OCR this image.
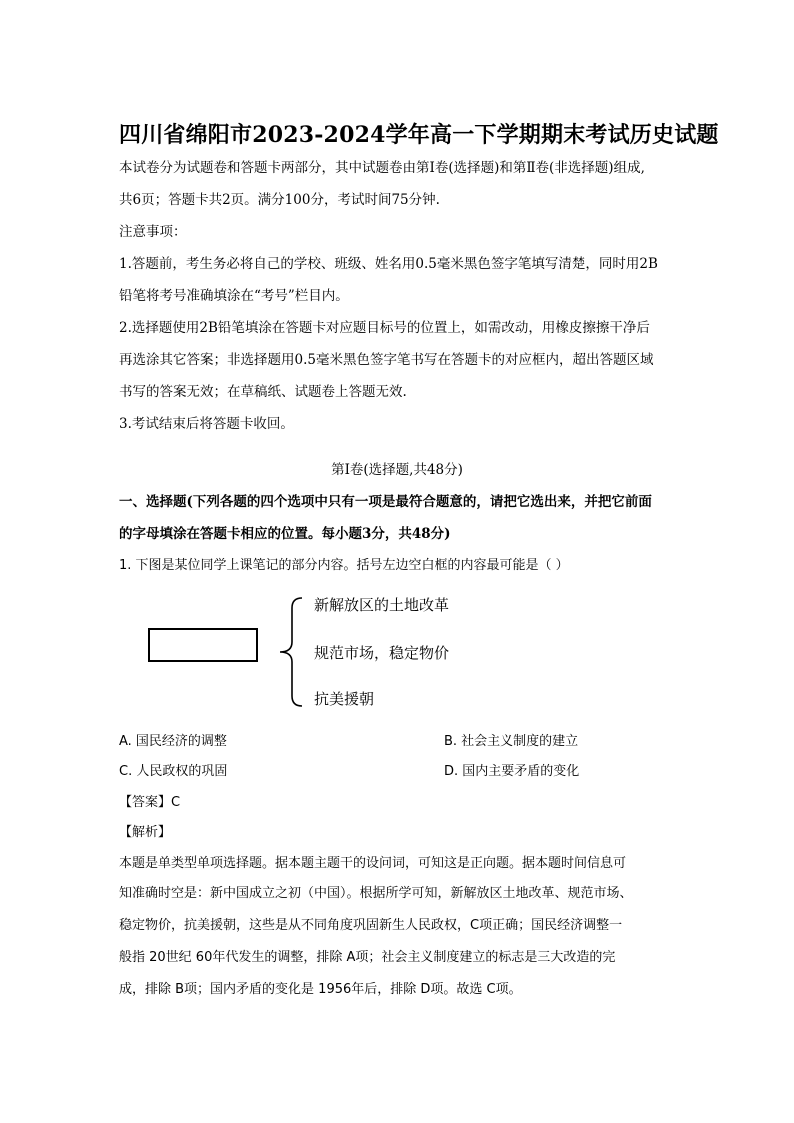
四川省绵阳市2023-2024学年高一下学期期末考试历史试题
本试卷分为试题卷和答题卡两部分，其中试题卷由第Ⅰ卷(选择题)和第Ⅱ卷(非选择题)组成,
共6页；答题卡共2页。满分100分，考试时间75分钟.
注意事项：
1.答题前，考生务必将自己的学校、班级、姓名用0.5毫米黑色签字笔填写清楚，同时用2B
铅笔将考号准确填涂在“考号”栏目内。
2.选择题使用2B铅笔填涂在答题卡对应题目标号的位置上，如需改动，用橡皮擦擦干净后
再选涂其它答案；非选择题用0.5毫米黑色签字笔书写在答题卡的对应框内，超出答题区域
书写的答案无效；在草稿纸、试题卷上答题无效.
3.考试结束后将答题卡收回。
第Ⅰ卷(选择题,共48分)
一、选择题(下列各题的四个选项中只有一项是最符合题意的，请把它选出来，并把它前面
的字母填涂在答题卡相应的位置。每小题3分，共48分)
1. 下图是某位同学上课笔记的部分内容。括号左边空白框的内容最可能是（ ）
新解放区的土地改革
规范市场，稳定物价
抗美援朝
A. 国民经济的调整	B. 社会主义制度的建立
C. 人民政权的巩固	D. 国内主要矛盾的变化
【答案】C
【解析】
本题是单类型单项选择题。据本题主题干的设问词，可知这是正向题。据本题时间信息可
知准确时空是：新中国成立之初（中国）。根据所学可知，新解放区土地改革、规范市场、
稳定物价，抗美援朝，这些是从不同角度巩固新生人民政权，C项正确；国民经济调整一
般指 20世纪 60年代发生的调整，排除 A项；社会主义制度建立的标志是三大改造的完
成，排除 B项；国内矛盾的变化是 1956年后，排除 D项。故选 C项。
